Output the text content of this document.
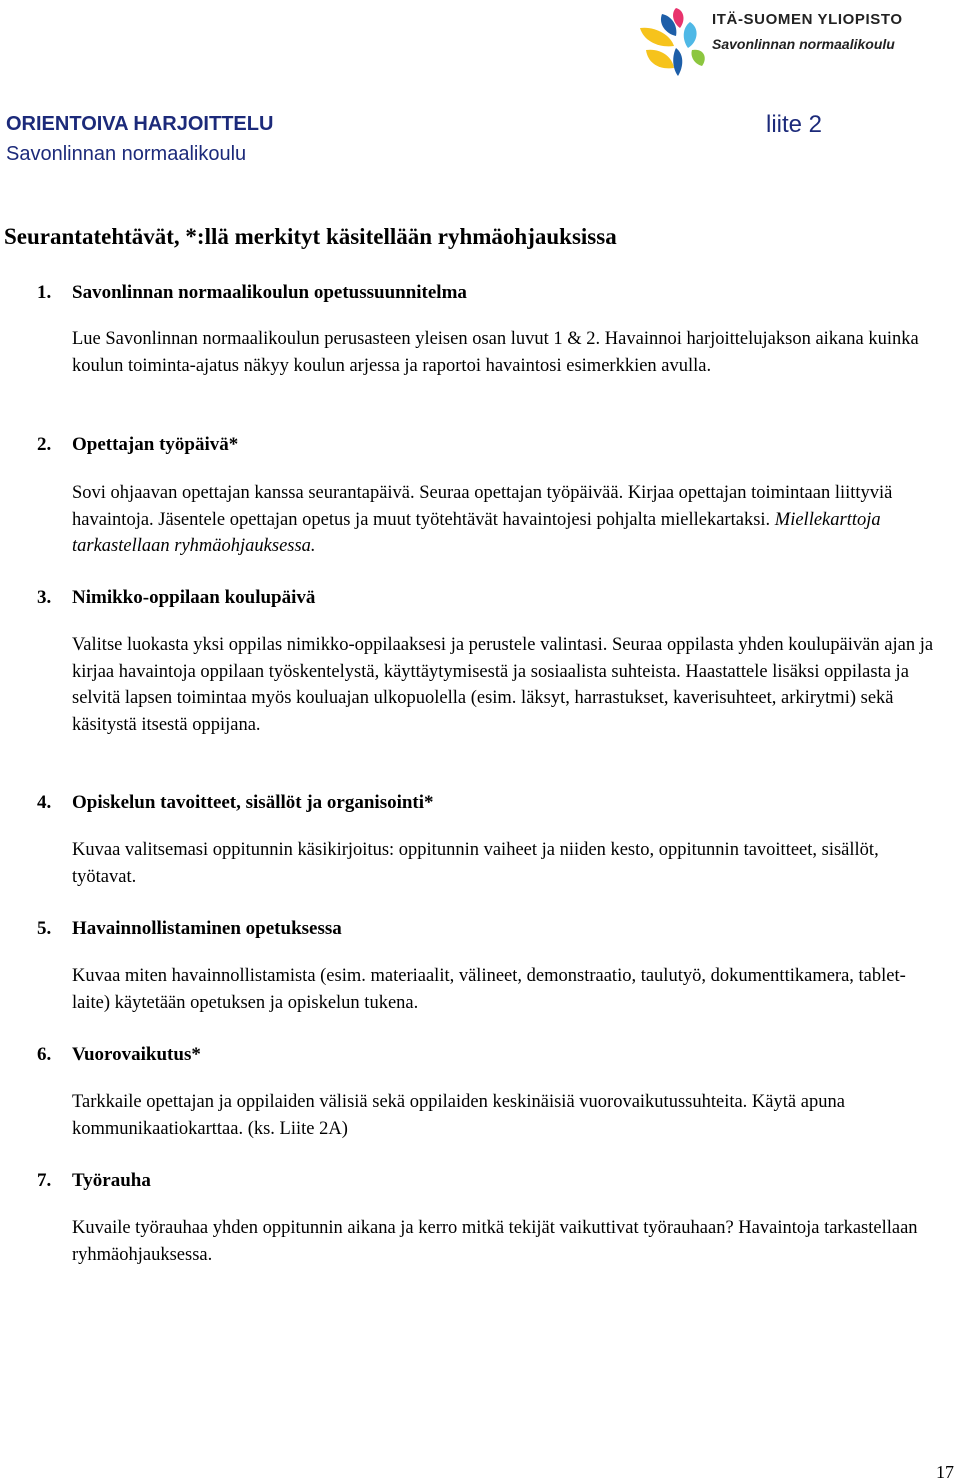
ITÄ-SUOMEN YLIOPISTO
Savonlinnan normaalikoulu
ORIENTOIVA HARJOITTELU
Savonlinnan normaalikoulu
liite 2
Seurantatehtävät, *:llä merkityt käsitellään ryhmäohjauksissa
1. Savonlinnan normaalikoulun opetussuunnitelma
Lue Savonlinnan normaalikoulun perusasteen yleisen osan luvut 1 & 2. Havainnoi harjoittelujakson aikana kuinka koulun toiminta-ajatus näkyy koulun arjessa ja raportoi havaintosi esimerkkien avulla.
2. Opettajan työpäivä*
Sovi ohjaavan opettajan kanssa seurantapäivä. Seuraa opettajan työpäivää. Kirjaa opettajan toimintaan liittyviä havaintoja. Jäsentele opettajan opetus ja muut työtehtävät havaintojesi pohjalta miellekartaksi. Miellekarttoja tarkastellaan ryhmäohjauksessa.
3. Nimikko-oppilaan koulupäivä
Valitse luokasta yksi oppilas nimikko-oppilaaksesi ja perustele valintasi. Seuraa oppilasta yhden koulupäivän ajan ja kirjaa havaintoja oppilaan työskentelystä, käyttäytymisestä ja sosiaalista suhteista. Haastattele lisäksi oppilasta ja selvitä lapsen toimintaa myös kouluajan ulkopuolella (esim. läksyt, harrastukset, kaverisuhteet, arkirytmi) sekä käsitystä itsestä oppijana.
4. Opiskelun tavoitteet, sisällöt ja organisointi*
Kuvaa valitsemasi oppitunnin käsikirjoitus: oppitunnin vaiheet ja niiden kesto, oppitunnin tavoitteet, sisällöt, työtavat.
5. Havainnollistaminen opetuksessa
Kuvaa miten havainnollistamista (esim. materiaalit, välineet, demonstraatio, taulutyö, dokumenttikamera, tablet-laite) käytetään opetuksen ja opiskelun tukena.
6. Vuorovaikutus*
Tarkkaile opettajan ja oppilaiden välisiä sekä oppilaiden keskinäisiä vuorovaikutussuhteita. Käytä apuna kommunikaatiokarttaa. (ks. Liite 2A)
7. Työrauha
Kuvaile työrauhaa yhden oppitunnin aikana ja kerro mitkä tekijät vaikuttivat työrauhaan? Havaintoja tarkastellaan ryhmäohjauksessa.
17
